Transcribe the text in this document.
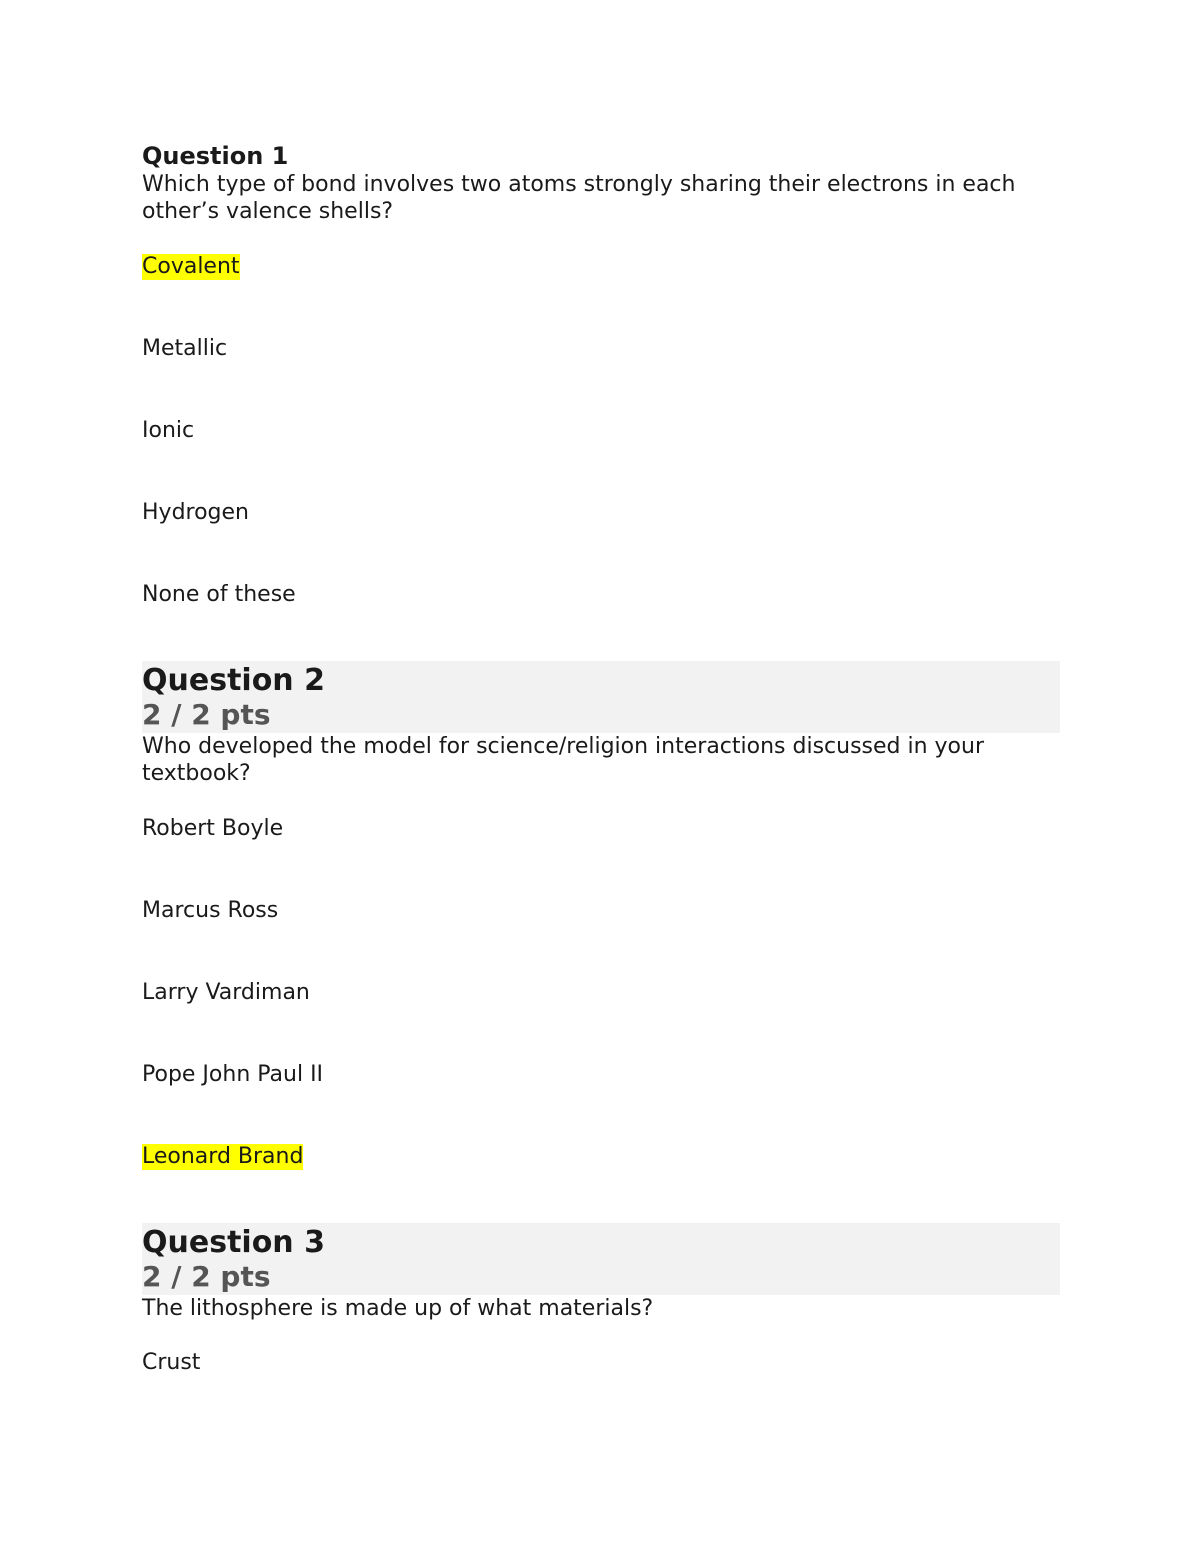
Question 1
Which type of bond involves two atoms strongly sharing their electrons in each other’s valence shells?
Covalent
Metallic
Ionic
Hydrogen
None of these
Question 2
2 / 2 pts
Who developed the model for science/religion interactions discussed in your textbook?
Robert Boyle
Marcus Ross
Larry Vardiman
Pope John Paul II
Leonard Brand
Question 3
2 / 2 pts
The lithosphere is made up of what materials?
Crust
